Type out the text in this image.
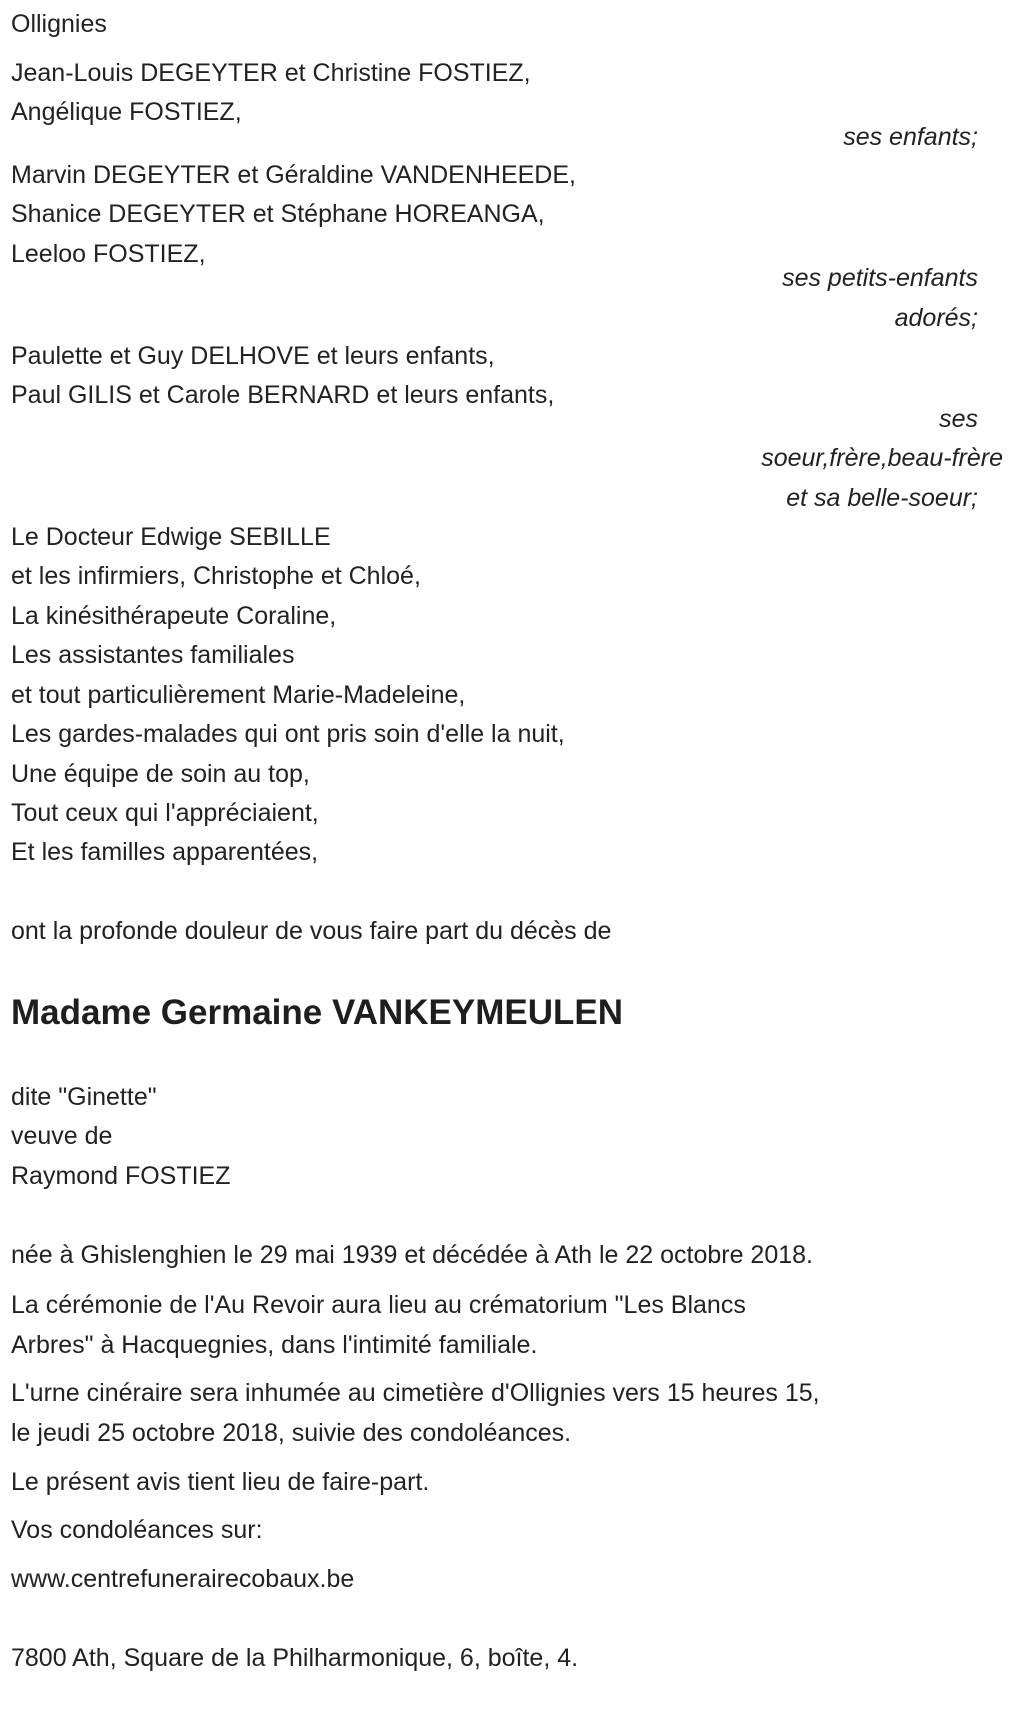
Ollignies
Jean-Louis DEGEYTER et Christine FOSTIEZ,
Angélique FOSTIEZ,
ses enfants;
Marvin DEGEYTER et Géraldine VANDENHEEDE,
Shanice DEGEYTER et Stéphane HOREANGA,
Leeloo FOSTIEZ,
ses petits-enfants
adorés;
Paulette et Guy DELHOVE et leurs enfants,
Paul GILIS et Carole BERNARD et leurs enfants,
ses
soeur,frère,beau-frère
et sa belle-soeur;
Le Docteur Edwige SEBILLE
et les infirmiers, Christophe et Chloé,
La kinésithérapeute Coraline,
Les assistantes familiales
et tout particulièrement Marie-Madeleine,
Les gardes-malades qui ont pris soin d'elle la nuit,
Une équipe de soin au top,
Tout ceux qui l'appréciaient,
Et les familles apparentées,
ont la profonde douleur de vous faire part du décès de
Madame Germaine VANKEYMEULEN
dite "Ginette"
veuve de
Raymond FOSTIEZ
née à Ghislenghien le 29 mai 1939 et décédée à Ath le 22 octobre 2018.
La cérémonie de l'Au Revoir aura lieu au crématorium "Les Blancs
Arbres" à Hacquegnies, dans l'intimité familiale.
L'urne cinéraire sera inhumée au cimetière d'Ollignies vers 15 heures 15,
le jeudi 25 octobre 2018, suivie des condoléances.
Le présent avis tient lieu de faire-part.
Vos condoléances sur:
www.centrefunerairecobaux.be
7800 Ath, Square de la Philharmonique, 6, boîte, 4.
